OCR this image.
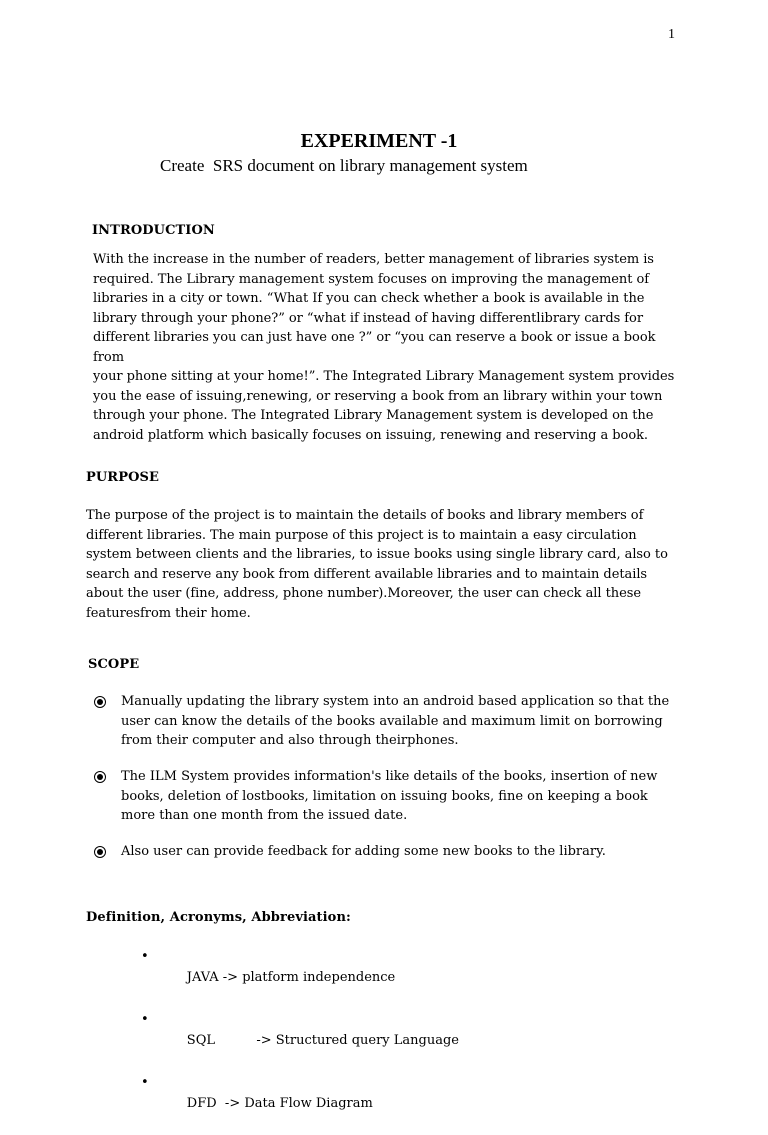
1
EXPERIMENT -1
Create  SRS document on library management system
INTRODUCTION
With the increase in the number of readers, better management of libraries system is
required. The Library management system focuses on improving the management of
libraries in a city or town. “What If you can check whether a book is available in the
library through your phone?” or “what if instead of having differentlibrary cards for
different libraries you can just have one ?” or “you can reserve a book or issue a book
from
your phone sitting at your home!”. The Integrated Library Management system provides
you the ease of issuing,renewing, or reserving a book from an library within your town
through your phone. The Integrated Library Management system is developed on the
android platform which basically focuses on issuing, renewing and reserving a book.
PURPOSE
The purpose of the project is to maintain the details of books and library members of
different libraries. The main purpose of this project is to maintain a easy circulation
system between clients and the libraries, to issue books using single library card, also to
search and reserve any book from different available libraries and to maintain details
about the user (fine, address, phone number).Moreover, the user can check all these
featuresfrom their home.
SCOPE
Manually updating the library system into an android based application so that the
user can know the details of the books available and maximum limit on borrowing
from their computer and also through theirphones.
The ILM System provides information's like details of the books, insertion of new
books, deletion of lostbooks, limitation on issuing books, fine on keeping a book
more than one month from the issued date.
Also user can provide feedback for adding some new books to the library.
Definition, Acronyms, Abbreviation:

•
JAVA -> platform independence

•
SQL          -> Structured query Language

•
DFD  -> Data Flow Diagram
